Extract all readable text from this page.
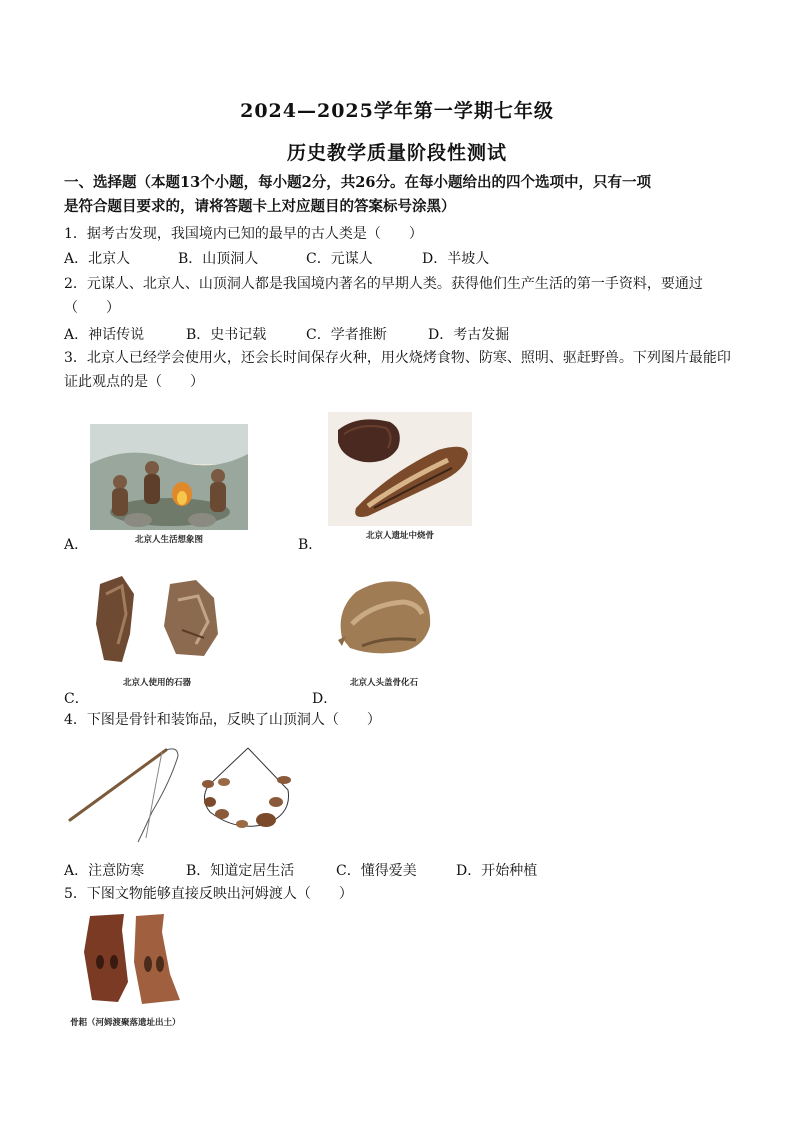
2024—2025学年第一学期七年级
历史教学质量阶段性测试
一、选择题（本题13个小题，每小题2分，共26分。在每小题给出的四个选项中，只有一项
是符合题目要求的，请将答题卡上对应题目的答案标号涂黑）
1．据考古发现，我国境内已知的最早的古人类是（　　）
A．北京人	B．山顶洞人	C．元谋人	D．半坡人
2．元谋人、北京人、山顶洞人都是我国境内著名的早期人类。获得他们生产生活的第一手资料，要通过
（　　）
A．神话传说	B．史书记载	C．学者推断	D．考古发掘
3．北京人已经学会使用火，还会长时间保存火种，用火烧烤食物、防寒、照明、驱赶野兽。下列图片最能印
证此观点的是（　　）
A．	北京人生活想象图	B．
北京人遗址中烧骨
C．
北京人使用的石器
D．
北京人头盖骨化石
4．下图是骨针和装饰品，反映了山顶洞人（　　）
A．注意防寒	B．知道定居生活	C．懂得爱美	D．开始种植
5．下图文物能够直接反映出河姆渡人（　　）
骨耜（河姆渡聚落遗址出土）
